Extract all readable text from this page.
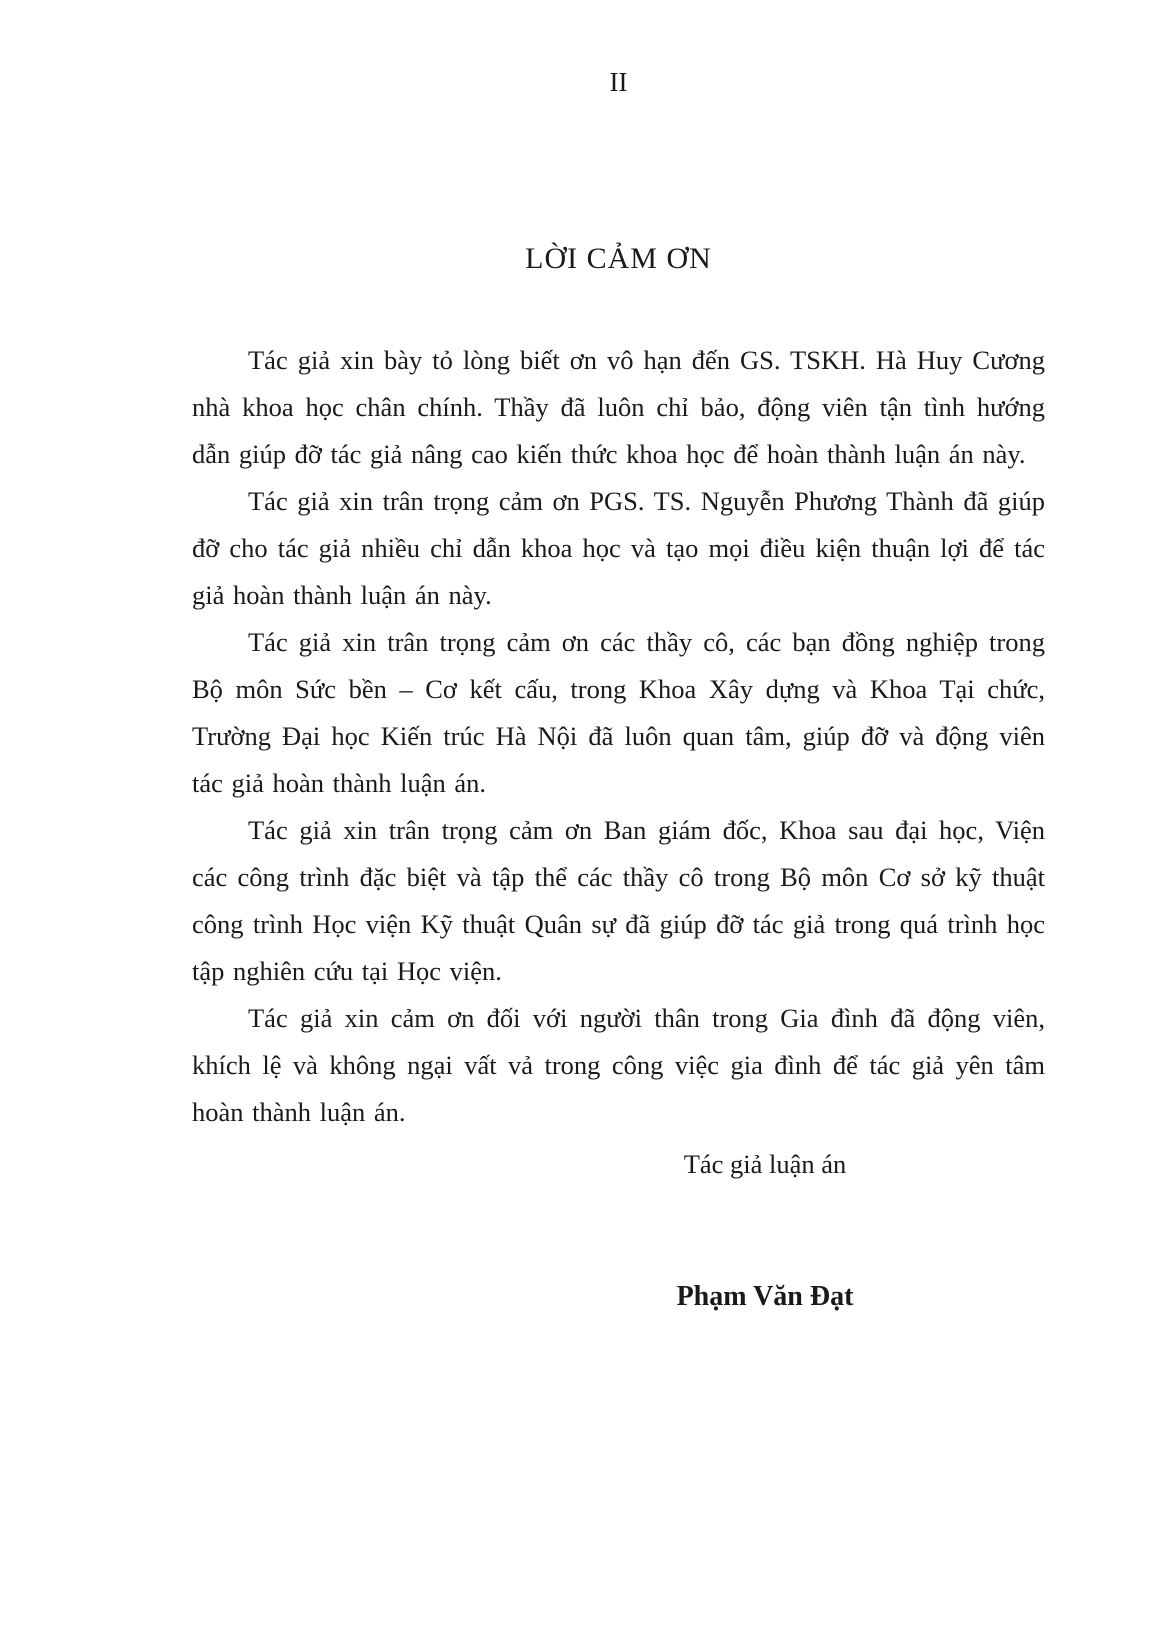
II
LỜI CẢM ƠN

Tác giả xin bày tỏ lòng biết ơn vô hạn đến GS. TSKH. Hà Huy Cương nhà khoa học chân chính. Thầy đã luôn chỉ bảo, động viên tận tình hướng dẫn giúp đỡ tác giả nâng cao kiến thức khoa học để hoàn thành luận án này.

Tác giả xin trân trọng cảm ơn PGS. TS. Nguyễn Phương Thành đã giúp đỡ cho tác giả nhiều chỉ dẫn khoa học và tạo mọi điều kiện thuận lợi để tác giả hoàn thành luận án này.

Tác giả xin trân trọng cảm ơn các thầy cô, các bạn đồng nghiệp trong Bộ môn Sức bền – Cơ kết cấu, trong Khoa Xây dựng và Khoa Tại chức, Trường Đại học Kiến trúc Hà Nội đã luôn quan tâm, giúp đỡ và động viên tác giả hoàn thành luận án.

Tác giả xin trân trọng cảm ơn Ban giám đốc, Khoa sau đại học, Viện các công trình đặc biệt và tập thể các thầy cô trong Bộ môn Cơ sở kỹ thuật công trình Học viện Kỹ thuật Quân sự đã giúp đỡ tác giả trong quá trình học tập nghiên cứu tại Học viện.

Tác giả xin cảm ơn đối với người thân trong Gia đình đã động viên, khích lệ và không ngại vất vả trong công việc gia đình để tác giả yên tâm hoàn thành luận án.

Tác giả luận án
Phạm Văn Đạt
